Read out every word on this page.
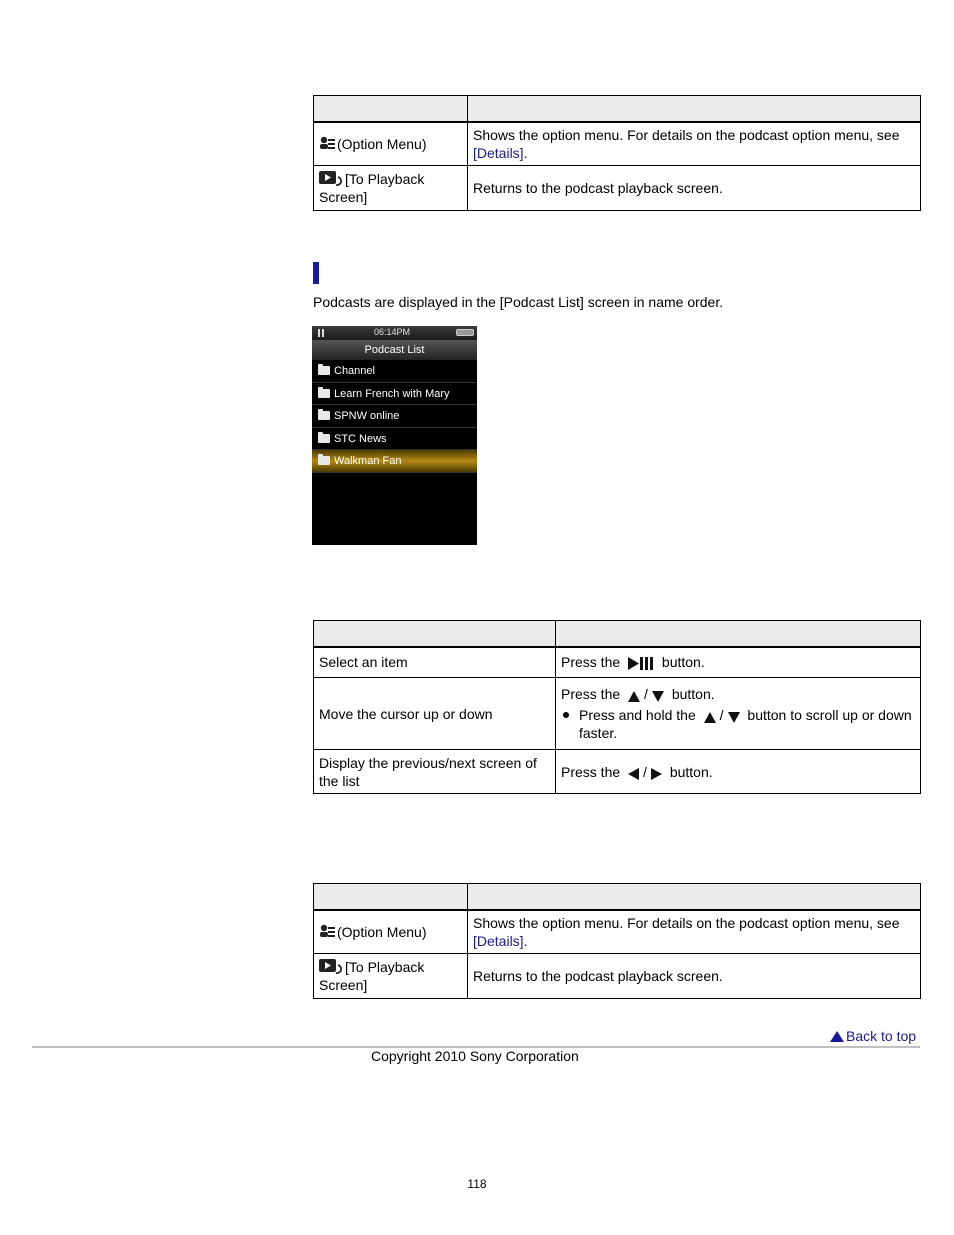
(Option Menu)	Shows the option menu. For details on the podcast option menu, see [Details].
[To Playback Screen]	Returns to the podcast playback screen.
Podcasts are displayed in the [Podcast List] screen in name order.
06:14PM
Podcast List
Channel
Learn French with Mary
SPNW online
STC News
Walkman Fan

Select an item	Press the button.
Move the cursor up or down	Press the / button.
Press and hold the / button to scroll up or down faster.

Display the previous/next screen of the list	Press the / button.

(Option Menu)	Shows the option menu. For details on the podcast option menu, see [Details].
[To Playback Screen]	Returns to the podcast playback screen.
Back to top
Copyright 2010 Sony Corporation
118
